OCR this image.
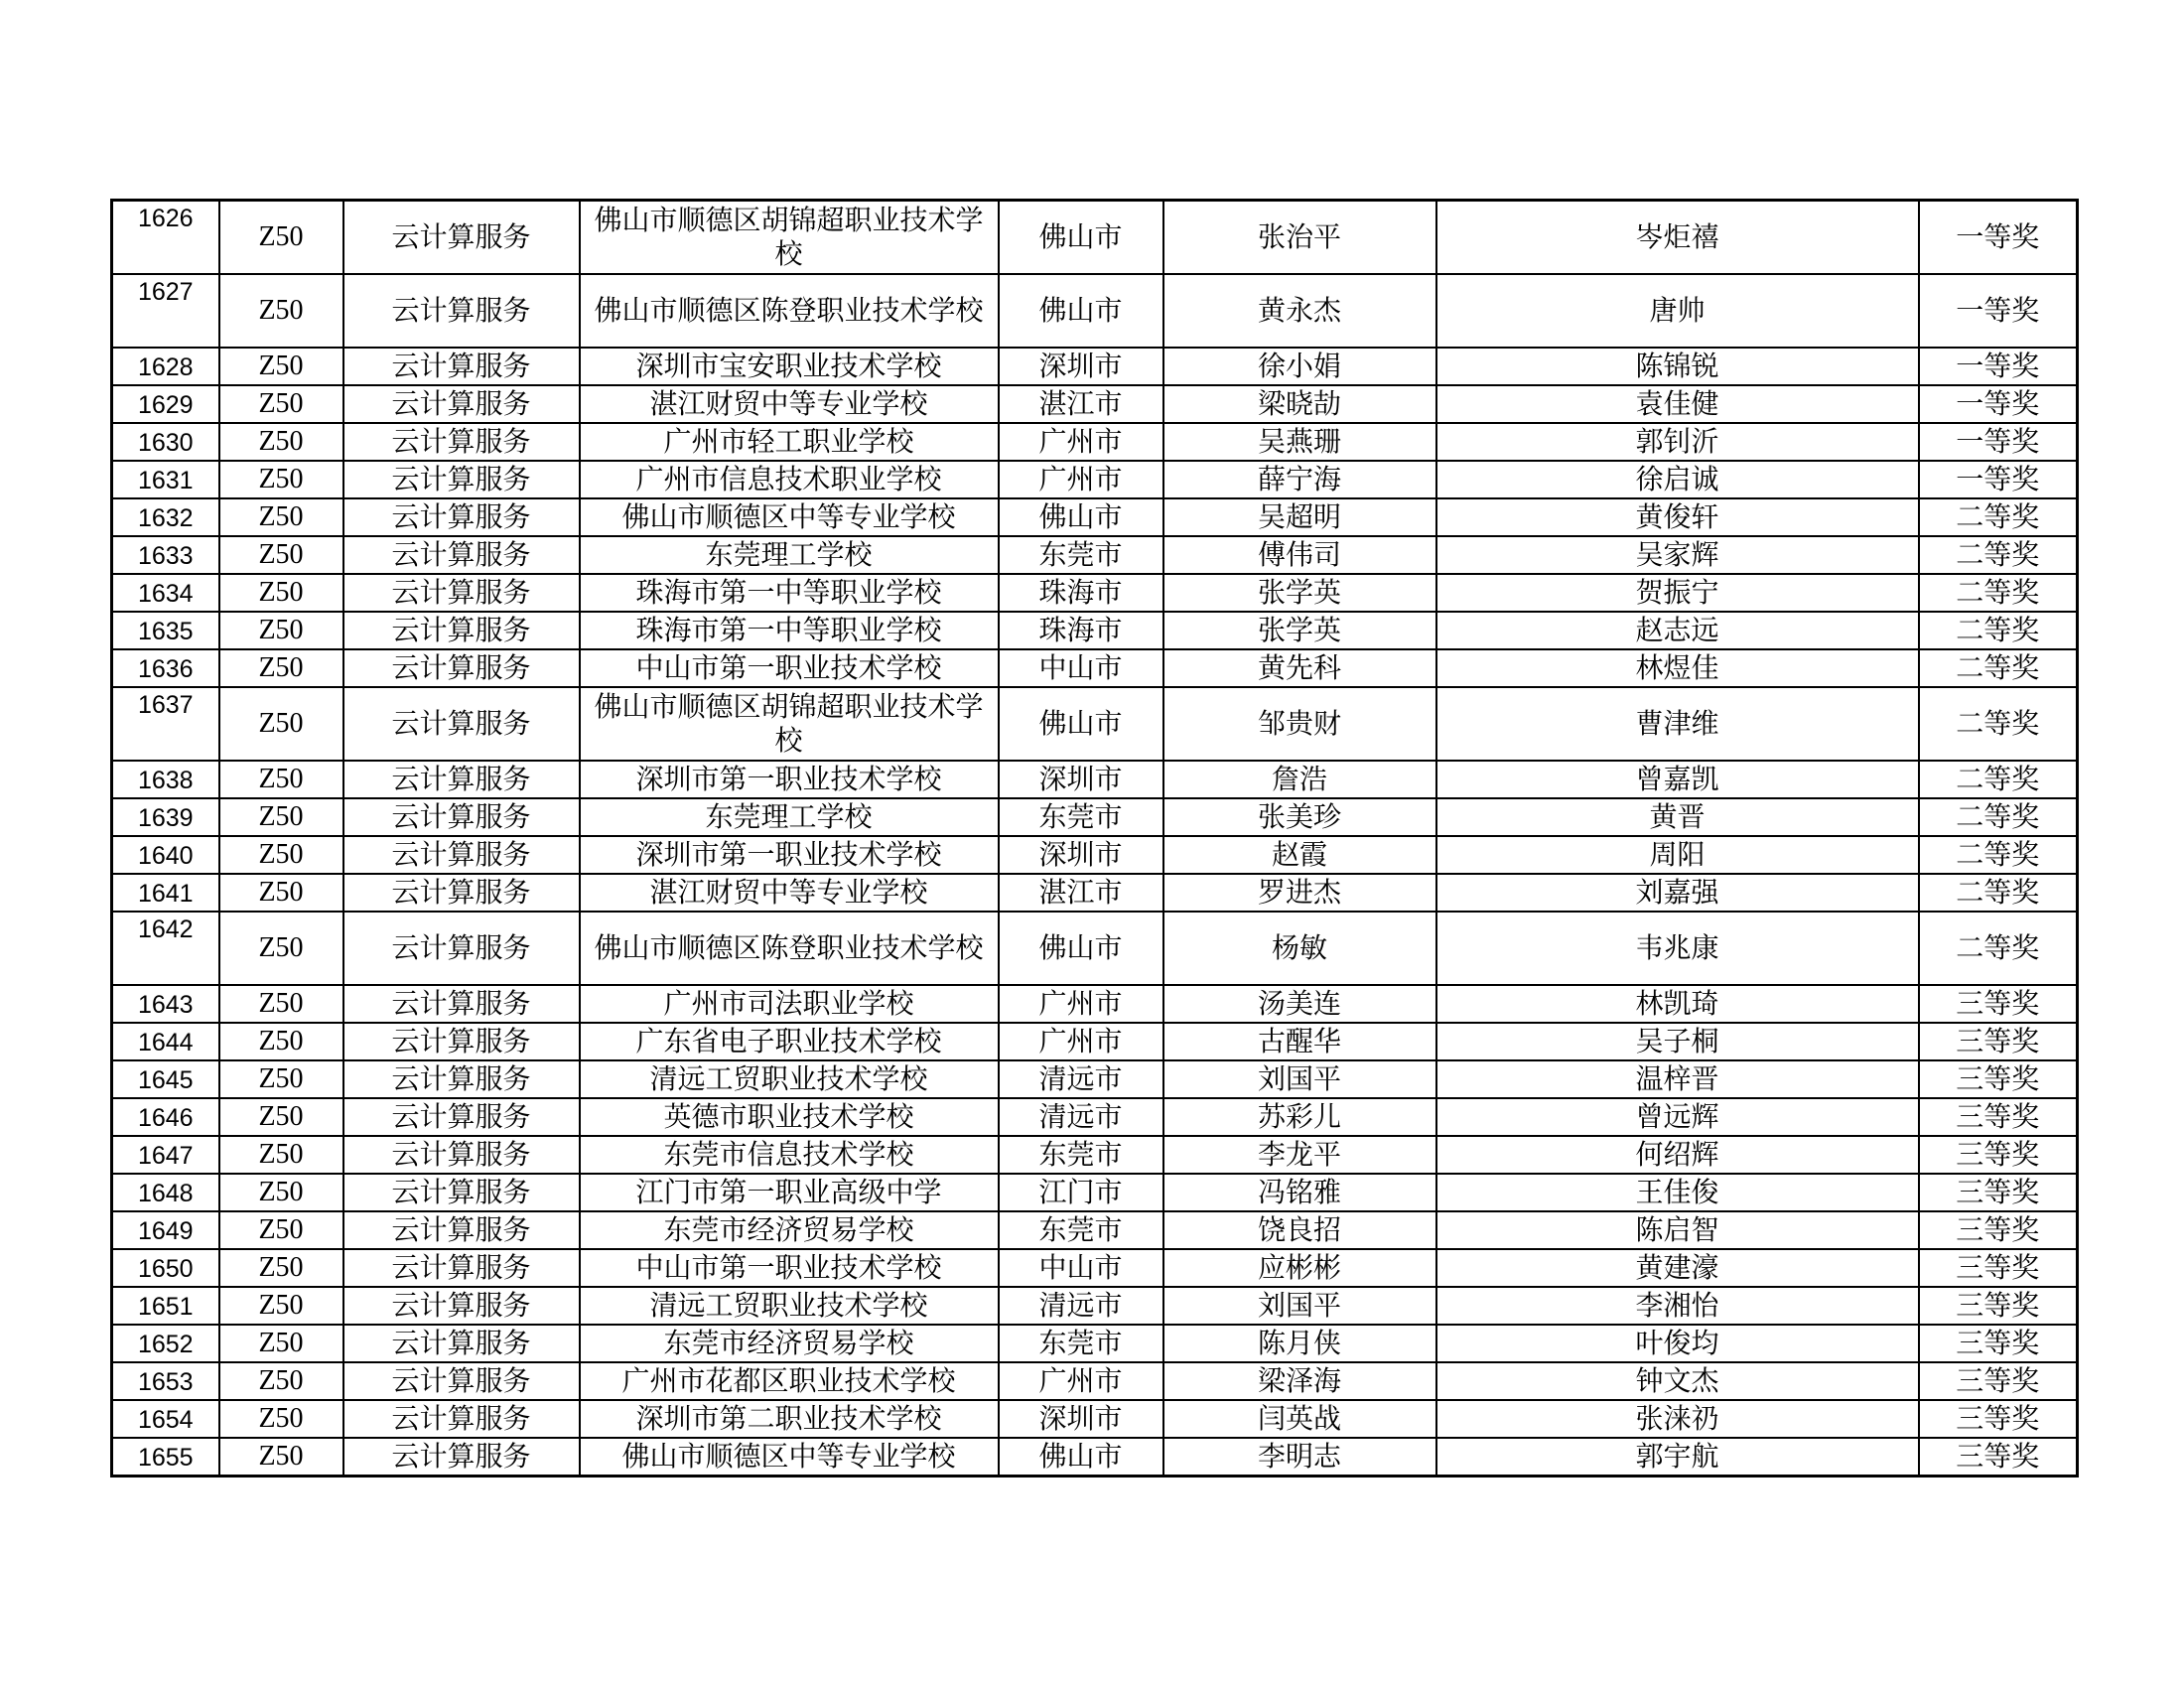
1626	Z50	云计算服务	佛山市顺德区胡锦超职业技术学校	佛山市	张治平	岑炬禧	一等奖
1627	Z50	云计算服务	佛山市顺德区陈登职业技术学校	佛山市	黄永杰	唐帅	一等奖
1628	Z50	云计算服务	深圳市宝安职业技术学校	深圳市	徐小娟	陈锦锐	一等奖
1629	Z50	云计算服务	湛江财贸中等专业学校	湛江市	梁晓劼	袁佳健	一等奖
1630	Z50	云计算服务	广州市轻工职业学校	广州市	吴燕珊	郭钊沂	一等奖
1631	Z50	云计算服务	广州市信息技术职业学校	广州市	薛宁海	徐启诚	一等奖
1632	Z50	云计算服务	佛山市顺德区中等专业学校	佛山市	吴超明	黄俊轩	二等奖
1633	Z50	云计算服务	东莞理工学校	东莞市	傅伟司	吴家辉	二等奖
1634	Z50	云计算服务	珠海市第一中等职业学校	珠海市	张学英	贺振宁	二等奖
1635	Z50	云计算服务	珠海市第一中等职业学校	珠海市	张学英	赵志远	二等奖
1636	Z50	云计算服务	中山市第一职业技术学校	中山市	黄先科	林煜佳	二等奖
1637	Z50	云计算服务	佛山市顺德区胡锦超职业技术学校	佛山市	邹贵财	曹津维	二等奖
1638	Z50	云计算服务	深圳市第一职业技术学校	深圳市	詹浩	曾嘉凯	二等奖
1639	Z50	云计算服务	东莞理工学校	东莞市	张美珍	黄晋	二等奖
1640	Z50	云计算服务	深圳市第一职业技术学校	深圳市	赵霞	周阳	二等奖
1641	Z50	云计算服务	湛江财贸中等专业学校	湛江市	罗进杰	刘嘉强	二等奖
1642	Z50	云计算服务	佛山市顺德区陈登职业技术学校	佛山市	杨敏	韦兆康	二等奖
1643	Z50	云计算服务	广州市司法职业学校	广州市	汤美连	林凯琦	三等奖
1644	Z50	云计算服务	广东省电子职业技术学校	广州市	古醒华	吴子桐	三等奖
1645	Z50	云计算服务	清远工贸职业技术学校	清远市	刘国平	温梓晋	三等奖
1646	Z50	云计算服务	英德市职业技术学校	清远市	苏彩儿	曾远辉	三等奖
1647	Z50	云计算服务	东莞市信息技术学校	东莞市	李龙平	何绍辉	三等奖
1648	Z50	云计算服务	江门市第一职业高级中学	江门市	冯铭雅	王佳俊	三等奖
1649	Z50	云计算服务	东莞市经济贸易学校	东莞市	饶良招	陈启智	三等奖
1650	Z50	云计算服务	中山市第一职业技术学校	中山市	应彬彬	黄建濠	三等奖
1651	Z50	云计算服务	清远工贸职业技术学校	清远市	刘国平	李湘怡	三等奖
1652	Z50	云计算服务	东莞市经济贸易学校	东莞市	陈月侠	叶俊均	三等奖
1653	Z50	云计算服务	广州市花都区职业技术学校	广州市	梁泽海	钟文杰	三等奖
1654	Z50	云计算服务	深圳市第二职业技术学校	深圳市	闫英战	张涞礽	三等奖
1655	Z50	云计算服务	佛山市顺德区中等专业学校	佛山市	李明志	郭宇航	三等奖
